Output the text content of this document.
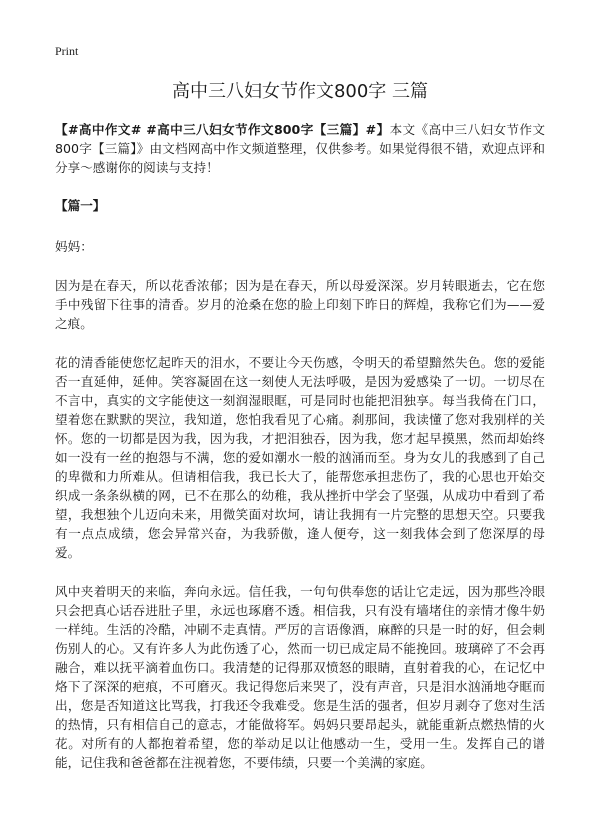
Print
高中三八妇女节作文800字 三篇

【#高中作文# #高中三八妇女节作文800字【三篇】#】本文《高中三八妇女节作文800字【三篇】》由文档网高中作文频道整理，仅供参考。如果觉得很不错，欢迎点评和分享～感谢你的阅读与支持！

【篇一】

妈妈：

因为是在春天，所以花香浓郁；因为是在春天，所以母爱深深。岁月转眼逝去，它在您手中残留下往事的清香。岁月的沧桑在您的脸上印刻下昨日的辉煌，我称它们为——爱之痕。

花的清香能使您忆起昨天的泪水，不要让今天伤感，令明天的希望黯然失色。您的爱能否一直延伸，延伸。笑容凝固在这一刻使人无法呼吸，是因为爱感染了一切。一切尽在不言中，真实的文字能使这一刻润湿眼眶，可是同时也能把泪独享。每当我倚在门口，望着您在默默的哭泣，我知道，您怕我看见了心痛。刹那间，我读懂了您对我别样的关怀。您的一切都是因为我，因为我，才把泪独吞，因为我，您才起早摸黑，然而却始终如一没有一丝的抱怨与不满，您的爱如潮水一般的汹涌而至。身为女儿的我感到了自己的卑微和力所难从。但请相信我，我已长大了，能帮您承担悲伤了，我的心思也开始交织成一条条纵横的网，已不在那么的幼稚，我从挫折中学会了坚强，从成功中看到了希望，我想独个儿迈向未来，用微笑面对坎坷，请让我拥有一片完整的思想天空。只要我有一点点成绩，您会异常兴奋，为我骄傲，逢人便夸，这一刻我体会到了您深厚的母爱。

风中夹着明天的来临，奔向永远。信任我，一句句供奉您的话让它走远，因为那些冷眼只会把真心话吞进肚子里，永远也琢磨不透。相信我，只有没有墙堵住的亲情才像牛奶一样纯。生活的冷酷，冲刷不走真情。严厉的言语像酒，麻醉的只是一时的好，但会刺伤别人的心。又有许多人为此伤透了心，然而一切已成定局不能挽回。玻璃碎了不会再融合，难以抚平滴着血伤口。我清楚的记得那双愤怒的眼睛，直射着我的心，在记忆中烙下了深深的疤痕，不可磨灭。我记得您后来哭了，没有声音，只是泪水汹涌地夺眶而出，您是否知道这比骂我，打我还令我难受。您是生活的强者，但岁月剥夺了您对生活的热情，只有相信自己的意志，才能做将军。妈妈只要昂起头，就能重新点燃热情的火花。对所有的人都抱着希望，您的举动足以让他感动一生，受用一生。发挥自己的谱能，记住我和爸爸都在注视着您，不要伟绩，只要一个美满的家庭。
